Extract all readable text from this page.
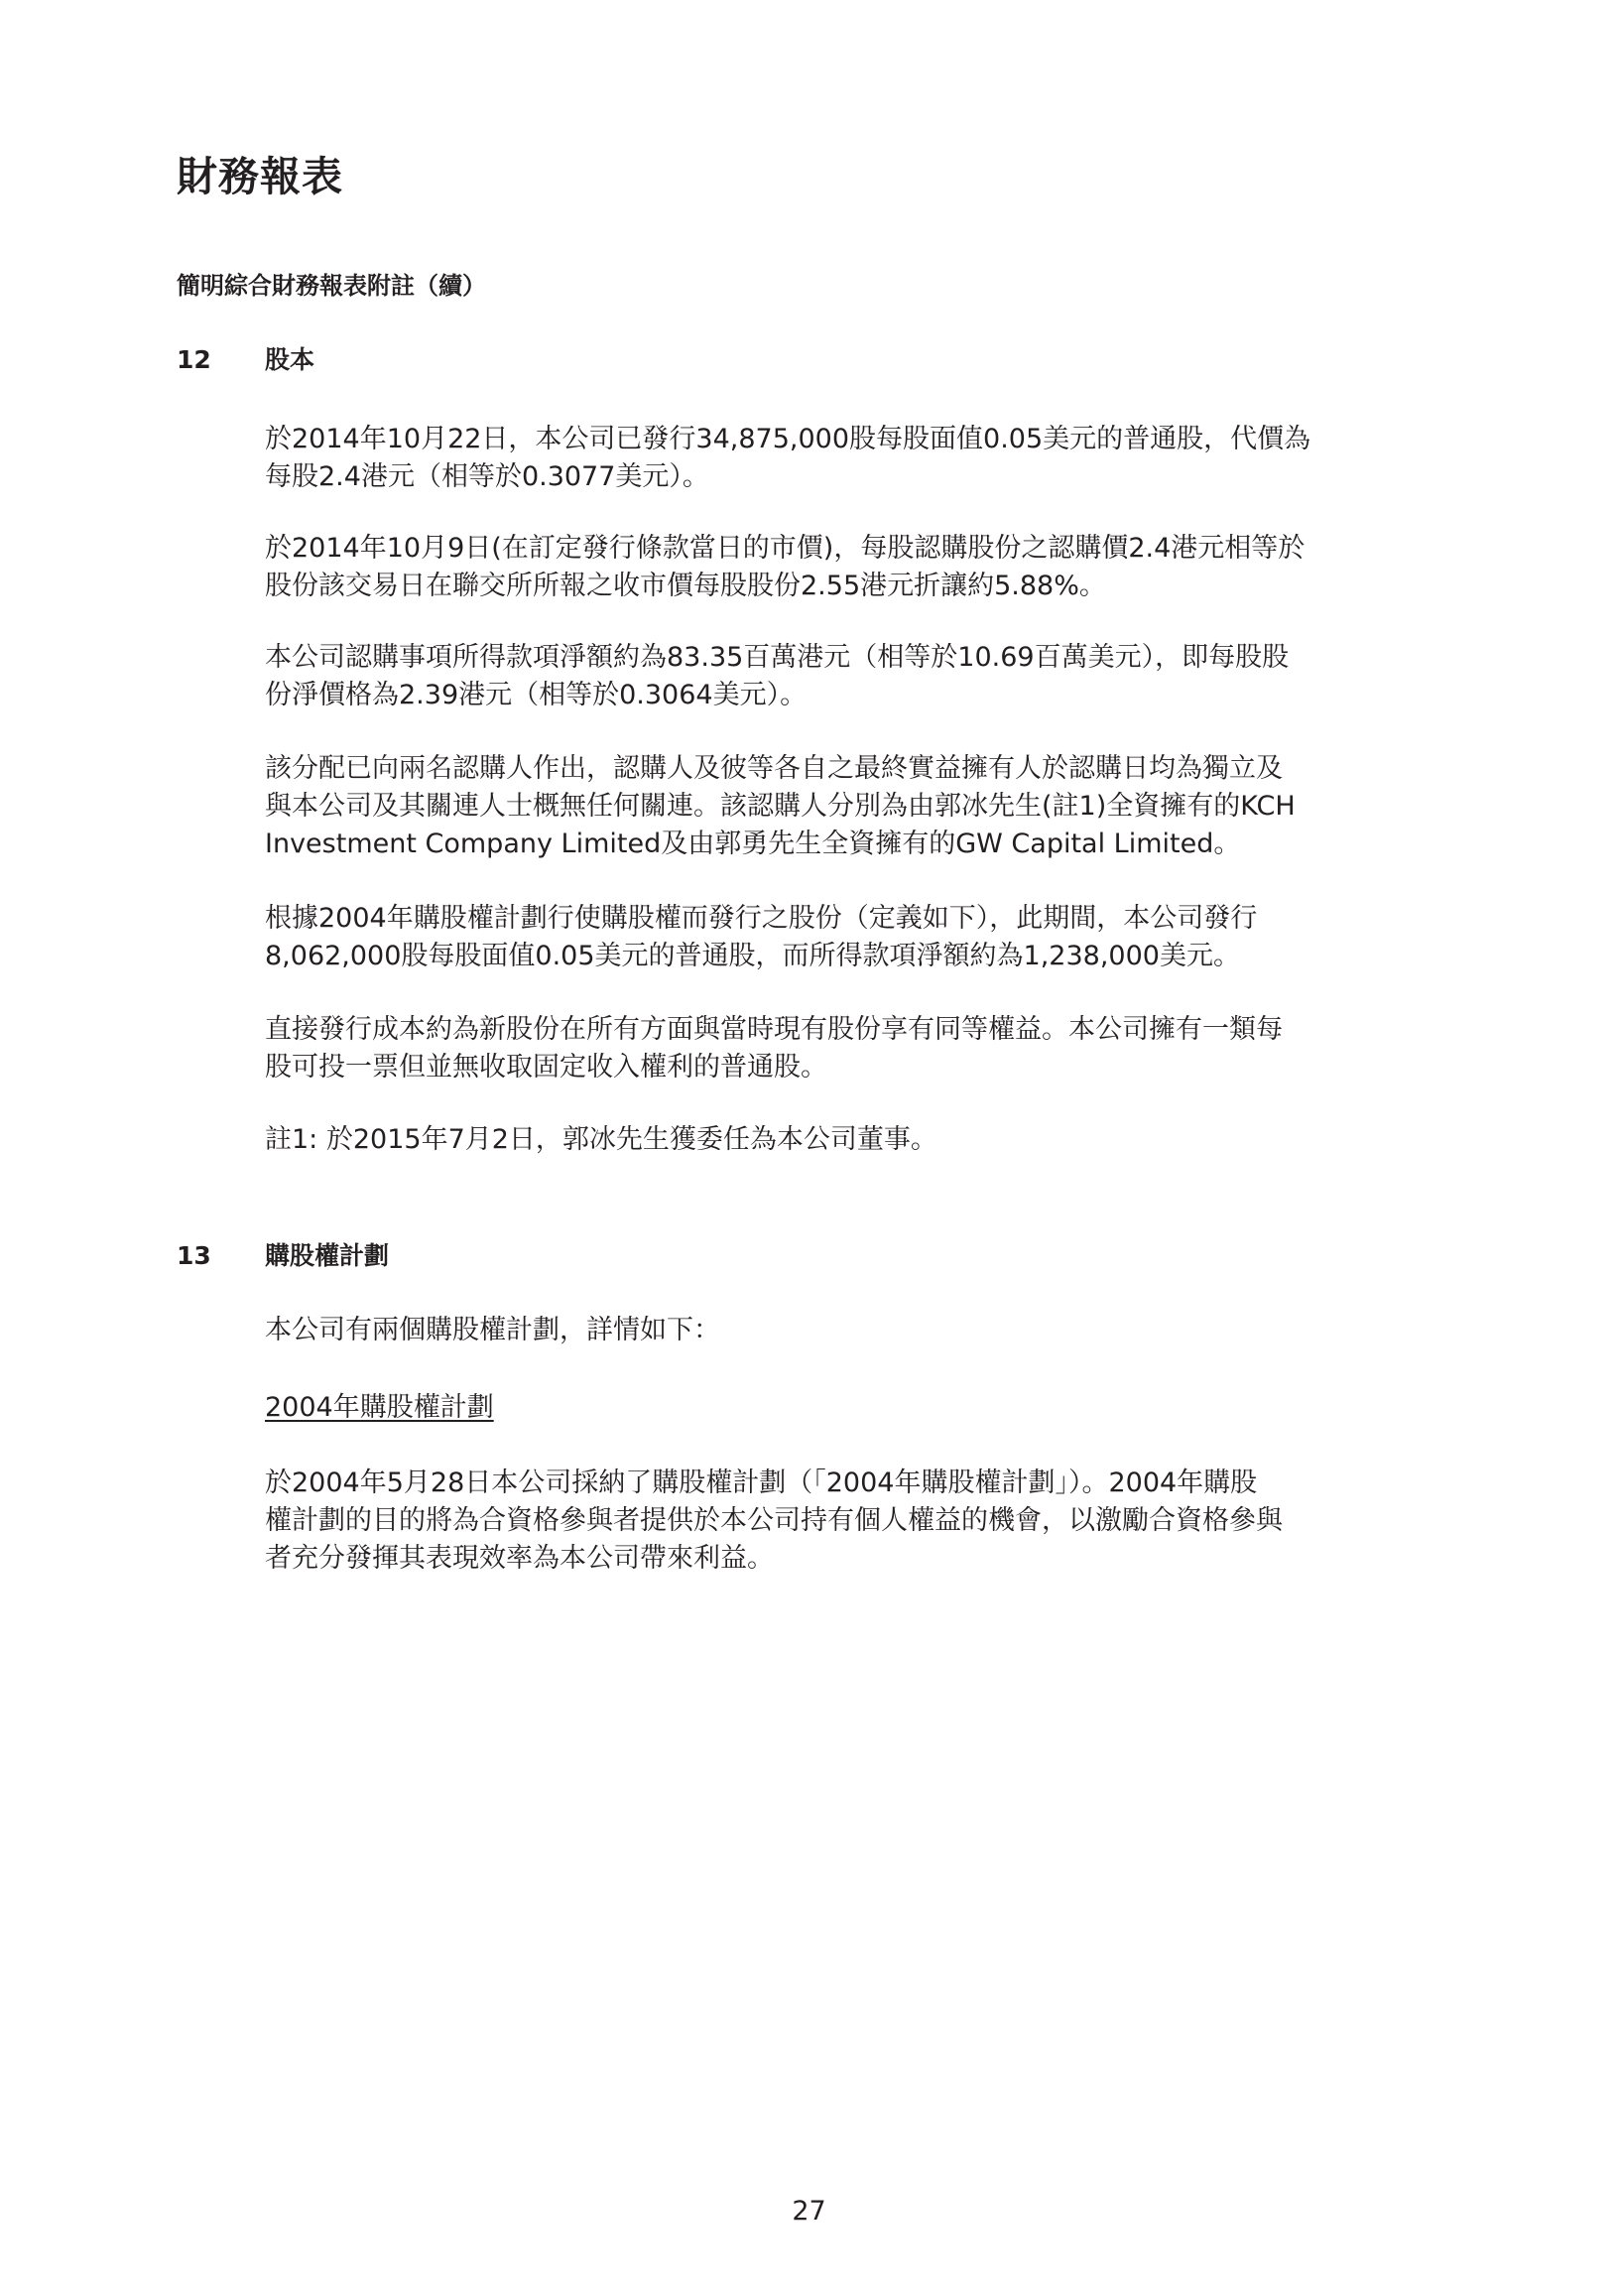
財務報表
簡明綜合財務報表附註（續）
12	股本

於2014年10月22日，本公司已發行34,875,000股每股面值0.05美元的普通股，代價為
每股2.4港元（相等於0.3077美元）。

於2014年10月9日(在訂定發行條款當日的市價)，每股認購股份之認購價2.4港元相等於
股份該交易日在聯交所所報之收市價每股股份2.55港元折讓約5.88%。

本公司認購事項所得款項淨額約為83.35百萬港元（相等於10.69百萬美元），即每股股
份淨價格為2.39港元（相等於0.3064美元）。

該分配已向兩名認購人作出，認購人及彼等各自之最終實益擁有人於認購日均為獨立及
與本公司及其關連人士概無任何關連。該認購人分別為由郭冰先生(註1)全資擁有的KCH
Investment Company Limited及由郭勇先生全資擁有的GW Capital Limited。

根據2004年購股權計劃行使購股權而發行之股份（定義如下），此期間，本公司發行
8,062,000股每股面值0.05美元的普通股，而所得款項淨額約為1,238,000美元。

直接發行成本約為新股份在所有方面與當時現有股份享有同等權益。本公司擁有一類每
股可投一票但並無收取固定收入權利的普通股。

註1: 於2015年7月2日，郭冰先生獲委任為本公司董事。

13	購股權計劃

本公司有兩個購股權計劃，詳情如下：

2004年購股權計劃

於2004年5月28日本公司採納了購股權計劃（「2004年購股權計劃」）。2004年購股
權計劃的目的將為合資格參與者提供於本公司持有個人權益的機會，以激勵合資格參與
者充分發揮其表現效率為本公司帶來利益。

27
